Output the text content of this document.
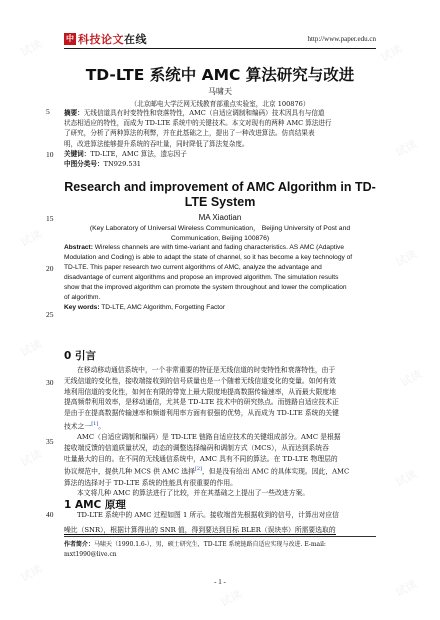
试读	试读
试读
试读
试读
试读
试读
试读
试读
试读
试读	试读
中国
科技论文在线	http://www.paper.edu.cn
5
10
15
20
25
30
35
40
TD-LTE 系统中 AMC 算法研究与改进
马啸天
（北京邮电大学泛网无线教育部重点实验室，北京 100876）
摘要：无线信道具有时变特性和衰落特性，AMC（自适应调制和编码）技术因具有与信道
状态相适应的特性，而成为 TD-LTE 系统中的关键技术。本文对现有的两种 AMC 算法进行
了研究，分析了两种算法的利弊，并在此基础之上，提出了一种改进算法。仿真结果表
明，改进算法能够提升系统的吞吐量，同时降低了算法复杂度。
关键词：TD-LTE，AMC 算法，遗忘因子
中图分类号：TN929.531
Research and improvement of AMC Algorithm in TD-LTE System
MA Xiaotian
(Key Laboratory of Universal Wireless Communication， Beijing University of Post and
Communication, Beijing 100876)
Abstract: Wireless channels are with time-variant and fading characteristics. AS AMC (Adaptive
Modulation and Coding) is able to adapt the state of channel, so it has become a key technology of
TD-LTE. This paper research two current algorithms of AMC, analyze the advantage and
disadvantage of current algorithms and propose an improved algorithm. The simulation results
show that the improved algorithm can promote the system throughout and lower the complication
of algorithm.
Key words: TD-LTE, AMC Algorithm, Forgetting Factor
0 引言
在移动移动通信系统中，一个非常重要的特征是无线信道的时变特性和衰落特性，由于
无线信道的变化性，接收端接收到的信号质量也是一个随着无线信道变化的变量。如何有效
地利用信道的变化性，如何在有限的带宽上最大限度地提高数据传输速率，从而最大限度地
提高频带利用效率，是移动通信，尤其是 TD-LTE 技术中的研究热点。而链路自适应技术正
是由于在提高数据传输速率和频谱利用率方面有很强的优势，从而成为 TD-LTE 系统的关键
技术之一[1]。
AMC（自适应调制和编码）是 TD-LTE 链路自适应技术的关键组成部分。AMC 是根据
接收端反馈的信道质量状况，动态的调整选择编码和调制方式（MCS），从而达到系统吞
吐量最大的目的。在不同的无线通信系统中，AMC 具有不同的算法。在 TD-LTE 物理层的
协议规范中，提供几种 MCS 供 AMC 选择[2]，但是没有给出 AMC 的具体实现。因此，AMC
算法的选择对于 TD-LTE 系统的性能具有很重要的作用。
本文将几种 AMC 的算法进行了比较，并在其基础之上提出了一些改进方案。
1 AMC 原理
TD-LTE 系统中的 AMC 过程如图 1 所示。接收端首先根据收到的信号，计算出对应信
噪比（SNR），根据计算得出的 SNR 值，得到要达到目标 BLER（误块率）所需要选取的
作者简介：马啸天（1990.1.6-），男，硕士研究生，TD-LTE 系统链路自适应实现与改进. E-mail: mxt1990@live.cn
- 1 -
